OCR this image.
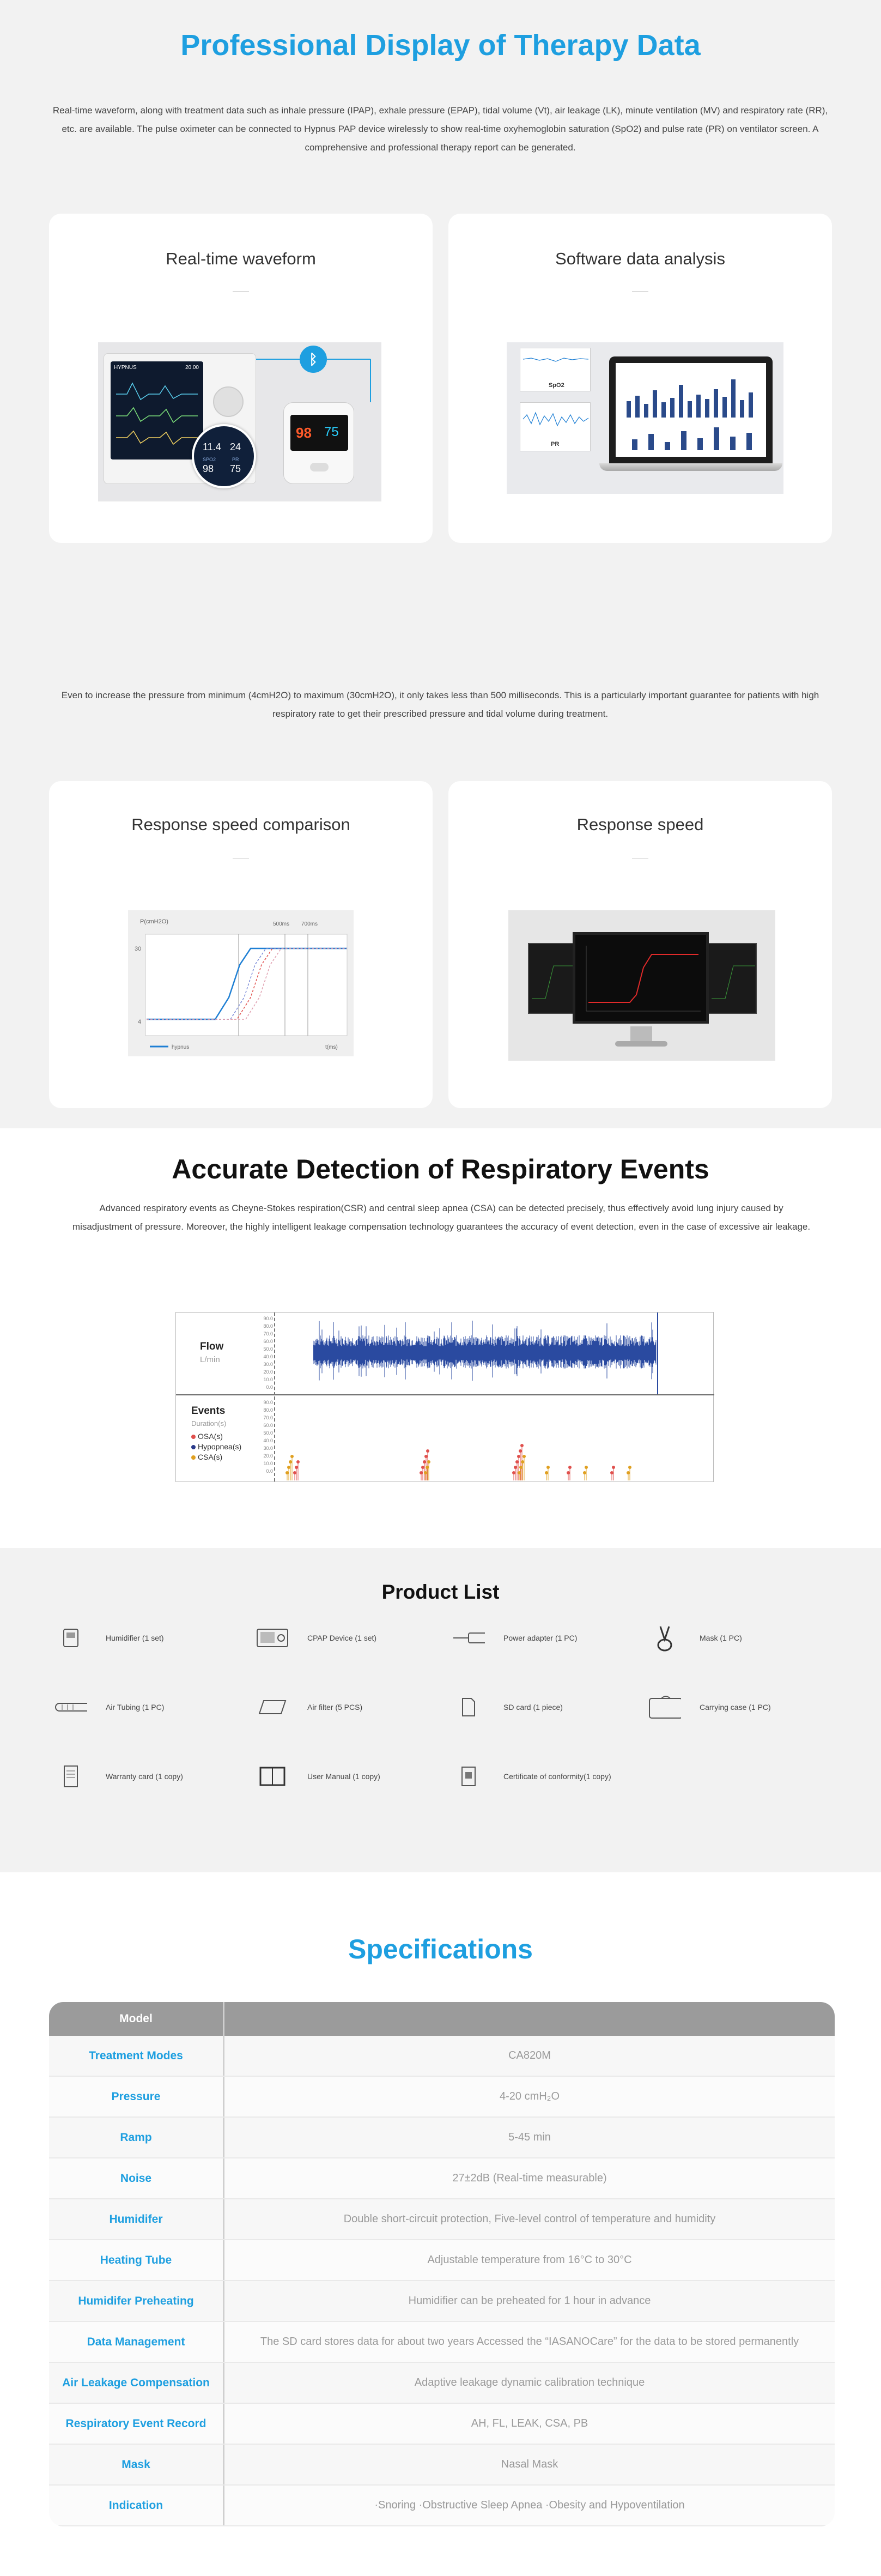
Professional Display of Therapy Data

Real-time waveform, along with treatment data such as inhale pressure (IPAP), exhale pressure (EPAP), tidal volume (Vt), air leakage (LK), minute ventilation (MV) and respiratory rate (RR), etc. are available. The pulse oximeter can be connected to Hypnus PAP device wirelessly to show real-time oxyhemoglobin saturation (SpO2) and pulse rate (PR) on ventilator screen. A comprehensive and professional therapy report can be generated.

Real-time waveform
HYPNUS	20.00
11.4 24
SPO2	PR
98 75
ᛒ
98 75
Software data analysis
SpO2
PR

Even to increase the pressure from minimum (4cmH2O) to maximum (30cmH2O), it only takes less than 500 milliseconds. This is a particularly important guarantee for patients with high respiratory rate to get their prescribed pressure and tidal volume during treatment.

Response speed comparison
P(cmH2O)	500ms 700ms
30
4
hypnus	t(ms)
Response speed
Accurate Detection of Respiratory Events

Advanced respiratory events as Cheyne-Stokes respiration(CSR) and central sleep apnea (CSA) can be detected precisely, thus effectively avoid lung injury caused by misadjustment of pressure. Moreover, the highly intelligent leakage compensation technology guarantees the accuracy of event detection, even in the case of excessive air leakage.

Flow
L/min
90.0
80.0
70.0
60.0
50.0
40.0
30.0
20.0
10.0
0.0
Events
Duration(s)
OSA(s)
Hypopnea(s)
CSA(s)
90.0
80.0
70.0
60.0
50.0
40.0
30.0
20.0
10.0
0.0
Product List
Humidifier (1 set)	CPAP Device (1 set)	Power adapter (1 PC)	Mask (1 PC)
Air Tubing (1 PC)	Air filter (5 PCS)	SD card (1 piece)	Carrying case (1 PC)
Warranty card (1 copy)	User Manual (1 copy)	Certificate of conformity(1 copy)
Specifications
Model
Treatment Modes	CA820M
Pressure	4-20 cmH₂O
Ramp	5-45 min
Noise	27±2dB (Real-time measurable)
Humidifer	Double short-circuit protection, Five-level control of temperature and humidity
Heating Tube	Adjustable temperature from 16°C to 30°C
Humidifer Preheating	Humidifier can be preheated for 1 hour in advance
Data Management	The SD card stores data for about two years Accessed the “IASANOCare” for the data to be stored permanently
Air Leakage Compensation	Adaptive leakage dynamic calibration technique
Respiratory Event Record	AH, FL, LEAK, CSA, PB
Mask	Nasal Mask
Indication	·Snoring ·Obstructive Sleep Apnea ·Obesity and Hypoventilation
